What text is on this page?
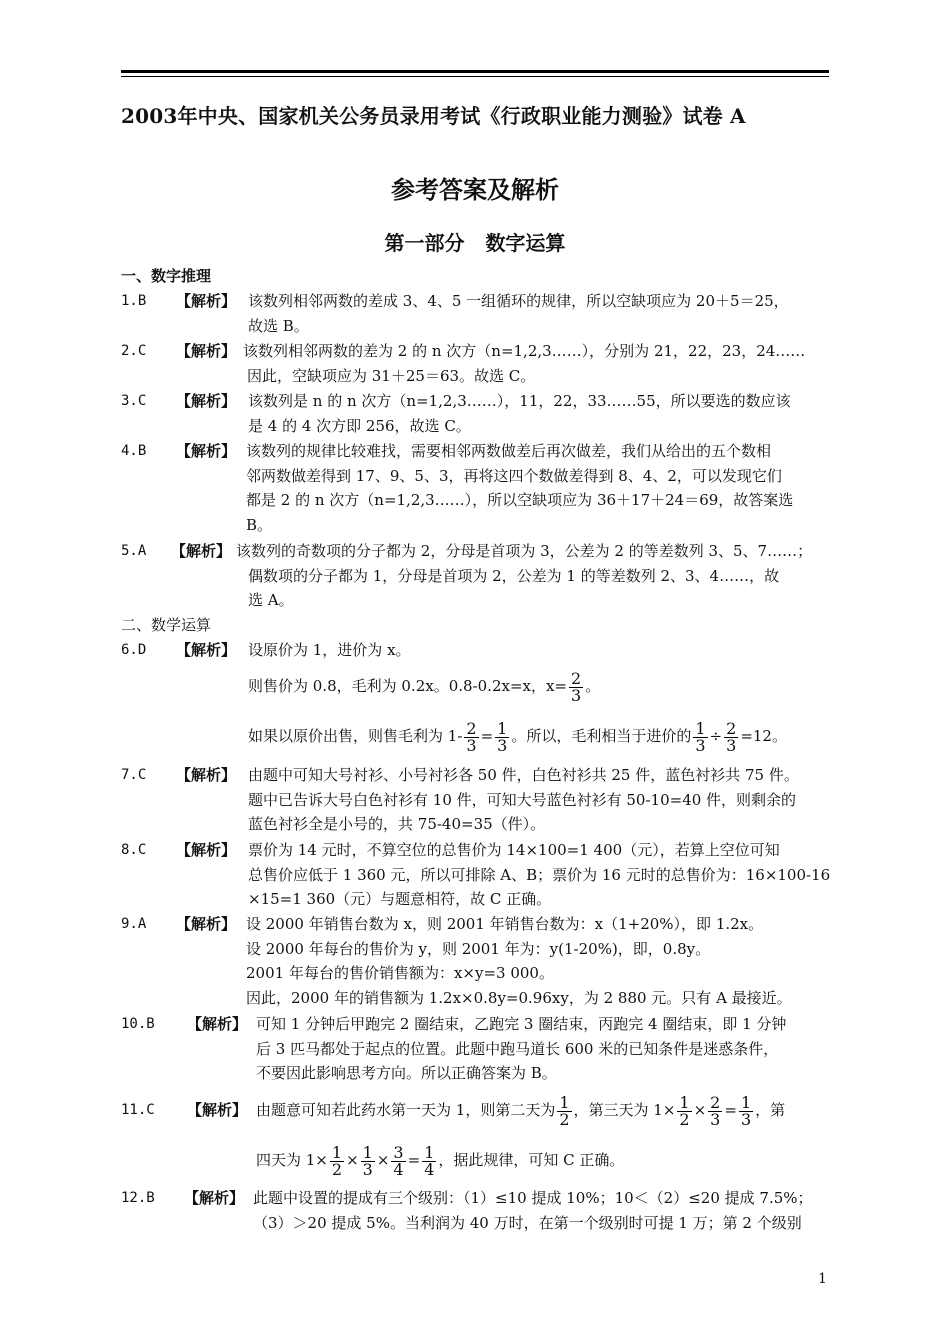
2003年中央、国家机关公务员录用考试《行政职业能力测验》试卷 A
参考答案及解析
第一部分 数字运算
一、数字推理
1.B 【解析】 该数列相邻两数的差成 3、4、5 一组循环的规律，所以空缺项应为 20＋5＝25，
故选 B。
2.C 【解析】 该数列相邻两数的差为 2 的 n 次方（n=1,2,3……），分别为 21，22，23，24……
因此，空缺项应为 31＋25＝63。故选 C。
3.C 【解析】 该数列是 n 的 n 次方（n=1,2,3……），11，22，33……55，所以要选的数应该
是 4 的 4 次方即 256，故选 C。
4.B 【解析】 该数列的规律比较难找，需要相邻两数做差后再次做差，我们从给出的五个数相
邻两数做差得到 17、9、5、3，再将这四个数做差得到 8、4、2，可以发现它们
都是 2 的 n 次方（n=1,2,3……），所以空缺项应为 36＋17＋24＝69，故答案选
B。
5.A 【解析】 该数列的奇数项的分子都为 2，分母是首项为 3，公差为 2 的等差数列 3、5、7……；
偶数项的分子都为 1，分母是首项为 2，公差为 1 的等差数列 2、3、4……，故
选 A。
二、数学运算
6.D 【解析】 设原价为 1，进价为 x。
则售价为 0.8，毛利为 0.2x。0.8-0.2x=x，$x= \frac{2}{3}$ 。
如果以原价出售，则售毛利为 $1- \frac{2}{3} = \frac{1}{3}$ 。所以，毛利相当于进价的 $\frac{1}{3} \div \frac{2}{3} =12$。
7.C 【解析】 由题中可知大号衬衫、小号衬衫各 50 件，白色衬衫共 25 件，蓝色衬衫共 75 件。
题中已告诉大号白色衬衫有 10 件，可知大号蓝色衬衫有 50-10=40 件，则剩余的
蓝色衬衫全是小号的，共 75-40=35（件）。
8.C 【解析】 票价为 14 元时，不算空位的总售价为 14×100=1 400（元），若算上空位可知
总售价应低于 1 360 元，所以可排除 A、B；票价为 16 元时的总售价为：16×100-16
×15=1 360（元）与题意相符，故 C 正确。
9.A 【解析】 设 2000 年销售台数为 x，则 2001 年销售台数为：x（1+20%），即 1.2x。
设 2000 年每台的售价为 y，则 2001 年为：y(1-20%)，即，0.8y。
2001 年每台的售价销售额为：x×y=3 000。
因此，2000 年的销售额为 1.2x×0.8y=0.96xy，为 2 880 元。只有 A 最接近。
10.B 【解析】 可知 1 分钟后甲跑完 2 圈结束，乙跑完 3 圈结束，丙跑完 4 圈结束，即 1 分钟
后 3 匹马都处于起点的位置。此题中跑马道长 600 米的已知条件是迷惑条件，
不要因此影响思考方向。所以正确答案为 B。
11.C 【解析】 由题意可知若此药水第一天为 1，则第二天为 $\frac{1}{2}$ ，第三天为 $1\times \frac{1}{2} \times \frac{2}{3} = \frac{1}{3}$ ，第
四天为 $1\times \frac{1}{2} \times \frac{1}{3} \times \frac{3}{4} = \frac{1}{4}$ ，据此规律，可知 C 正确。
12.B 【解析】 此题中设置的提成有三个级别：（1）≤10 提成 10%；10＜（2）≤20 提成 7.5%；
（3）＞20 提成 5%。当利润为 40 万时，在第一个级别时可提 1 万；第 2 个级别
1
